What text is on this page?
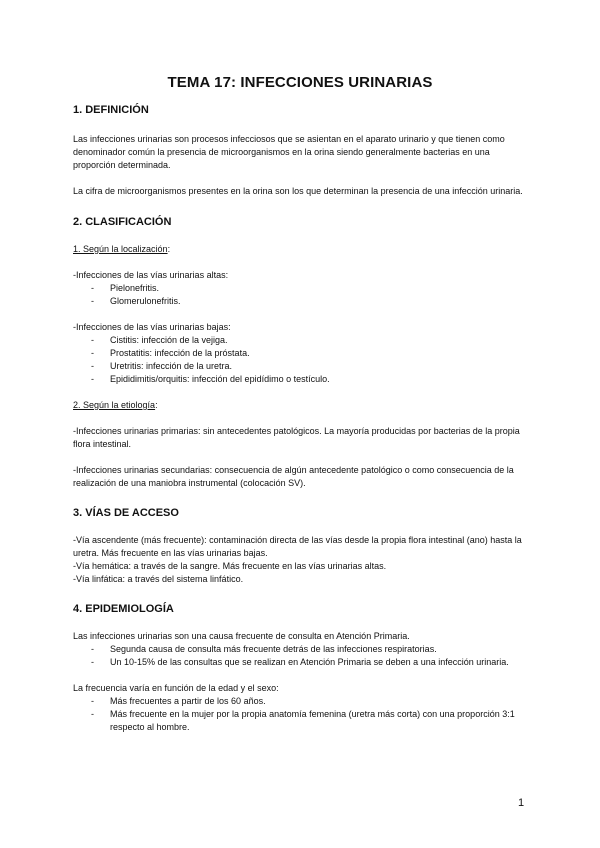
TEMA 17: INFECCIONES URINARIAS
1. DEFINICIÓN

Las infecciones urinarias son procesos infecciosos que se asientan en el aparato urinario y que tienen como denominador común la presencia de microorganismos en la orina siendo generalmente bacterias en una proporción determinada.

La cifra de microorganismos presentes en la orina son los que determinan la presencia de una infección urinaria.

2. CLASIFICACIÓN

1. Según la localización:

-Infecciones de las vías urinarias altas:

- Pielonefritis.
- Glomerulonefritis.

-Infecciones de las vías urinarias bajas:

- Cistitis: infección de la vejiga.
- Prostatitis: infección de la próstata.
- Uretritis: infección de la uretra.
- Epididimitis/orquitis: infección del epidídimo o testículo.

2. Según la etiología:

-Infecciones urinarias primarias: sin antecedentes patológicos. La mayoría producidas por bacterias de la propia flora intestinal.

-Infecciones urinarias secundarias: consecuencia de algún antecedente patológico o como consecuencia de la realización de una maniobra instrumental (colocación SV).

3. VÍAS DE ACCESO

-Vía ascendente (más frecuente): contaminación directa de las vías desde la propia flora intestinal (ano) hasta la uretra. Más frecuente en las vías urinarias bajas.

-Vía hemática: a través de la sangre. Más frecuente en las vías urinarias altas.

-Vía linfática: a través del sistema linfático.

4. EPIDEMIOLOGÍA

Las infecciones urinarias son una causa frecuente de consulta en Atención Primaria.

- Segunda causa de consulta más frecuente detrás de las infecciones respiratorias.
- Un 10-15% de las consultas que se realizan en Atención Primaria se deben a una infección urinaria.

La frecuencia varía en función de la edad y el sexo:

- Más frecuentes a partir de los 60 años.
- Más frecuente en la mujer por la propia anatomía femenina (uretra más corta) con una proporción 3:1 respecto al hombre.
1
